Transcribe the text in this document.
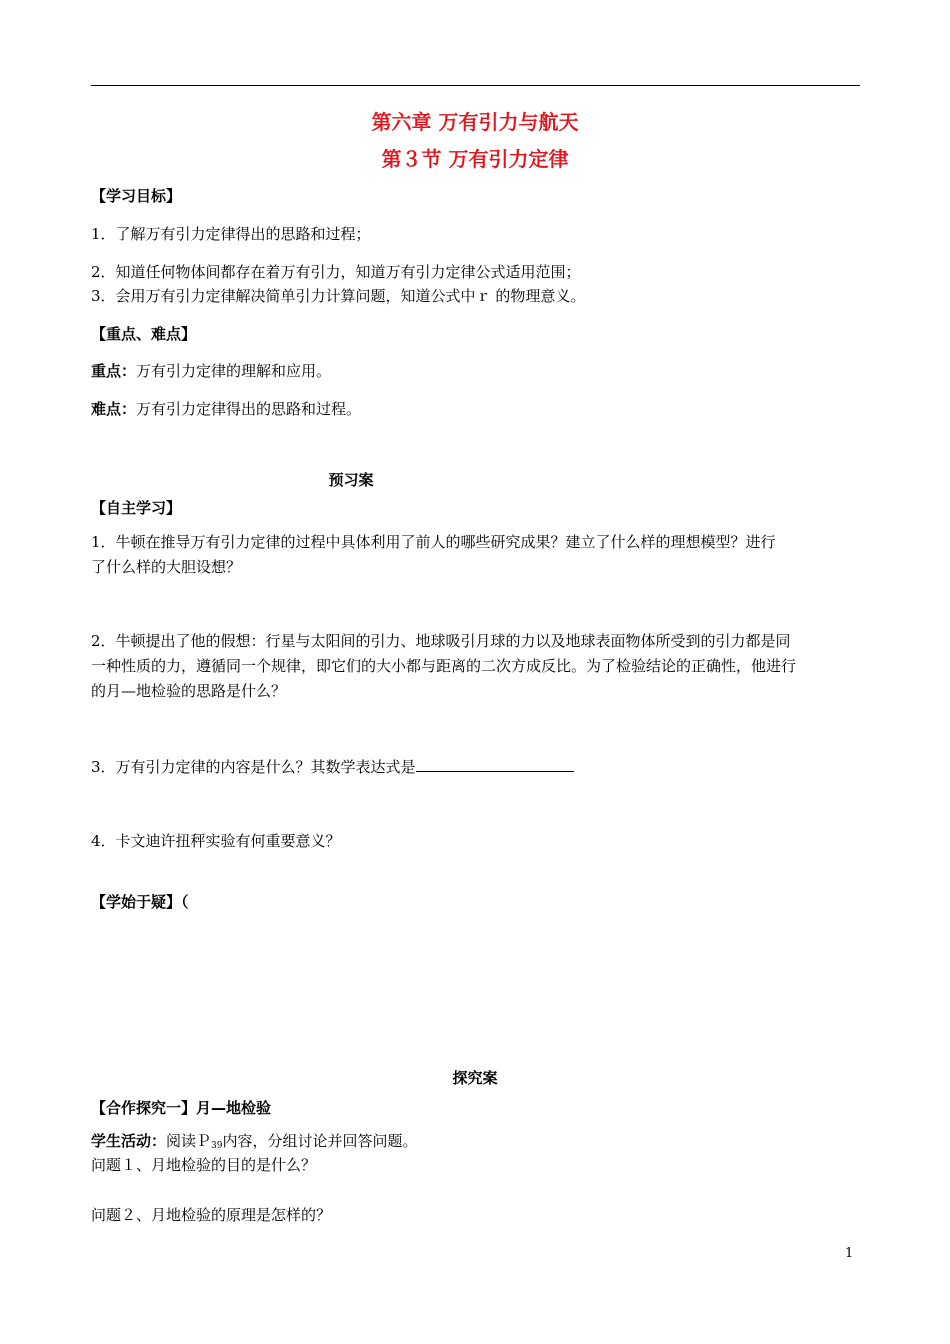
第六章 万有引力与航天
第３节 万有引力定律
【学习目标】
1．了解万有引力定律得出的思路和过程；
2．知道任何物体间都存在着万有引力，知道万有引力定律公式适用范围；
3．会用万有引力定律解决简单引力计算问题，知道公式中ｒ 的物理意义。
【重点、难点】
重点：万有引力定律的理解和应用。
难点：万有引力定律得出的思路和过程。
预习案
【自主学习】
1．牛顿在推导万有引力定律的过程中具体利用了前人的哪些研究成果？建立了什么样的理想模型？进行
了什么样的大胆设想？
2．牛顿提出了他的假想：行星与太阳间的引力、地球吸引月球的力以及地球表面物体所受到的引力都是同
一种性质的力，遵循同一个规律，即它们的大小都与距离的二次方成反比。为了检验结论的正确性，他进行
的月—地检验的思路是什么？
3．万有引力定律的内容是什么？其数学表达式是
4．卡文迪许扭秤实验有何重要意义？
【学始于疑】（
探究案
【合作探究一】月—地检验
学生活动：阅读Ｐ$_{39}$内容，分组讨论并回答问题。
问题１、月地检验的目的是什么？
问题２、月地检验的原理是怎样的？
1
